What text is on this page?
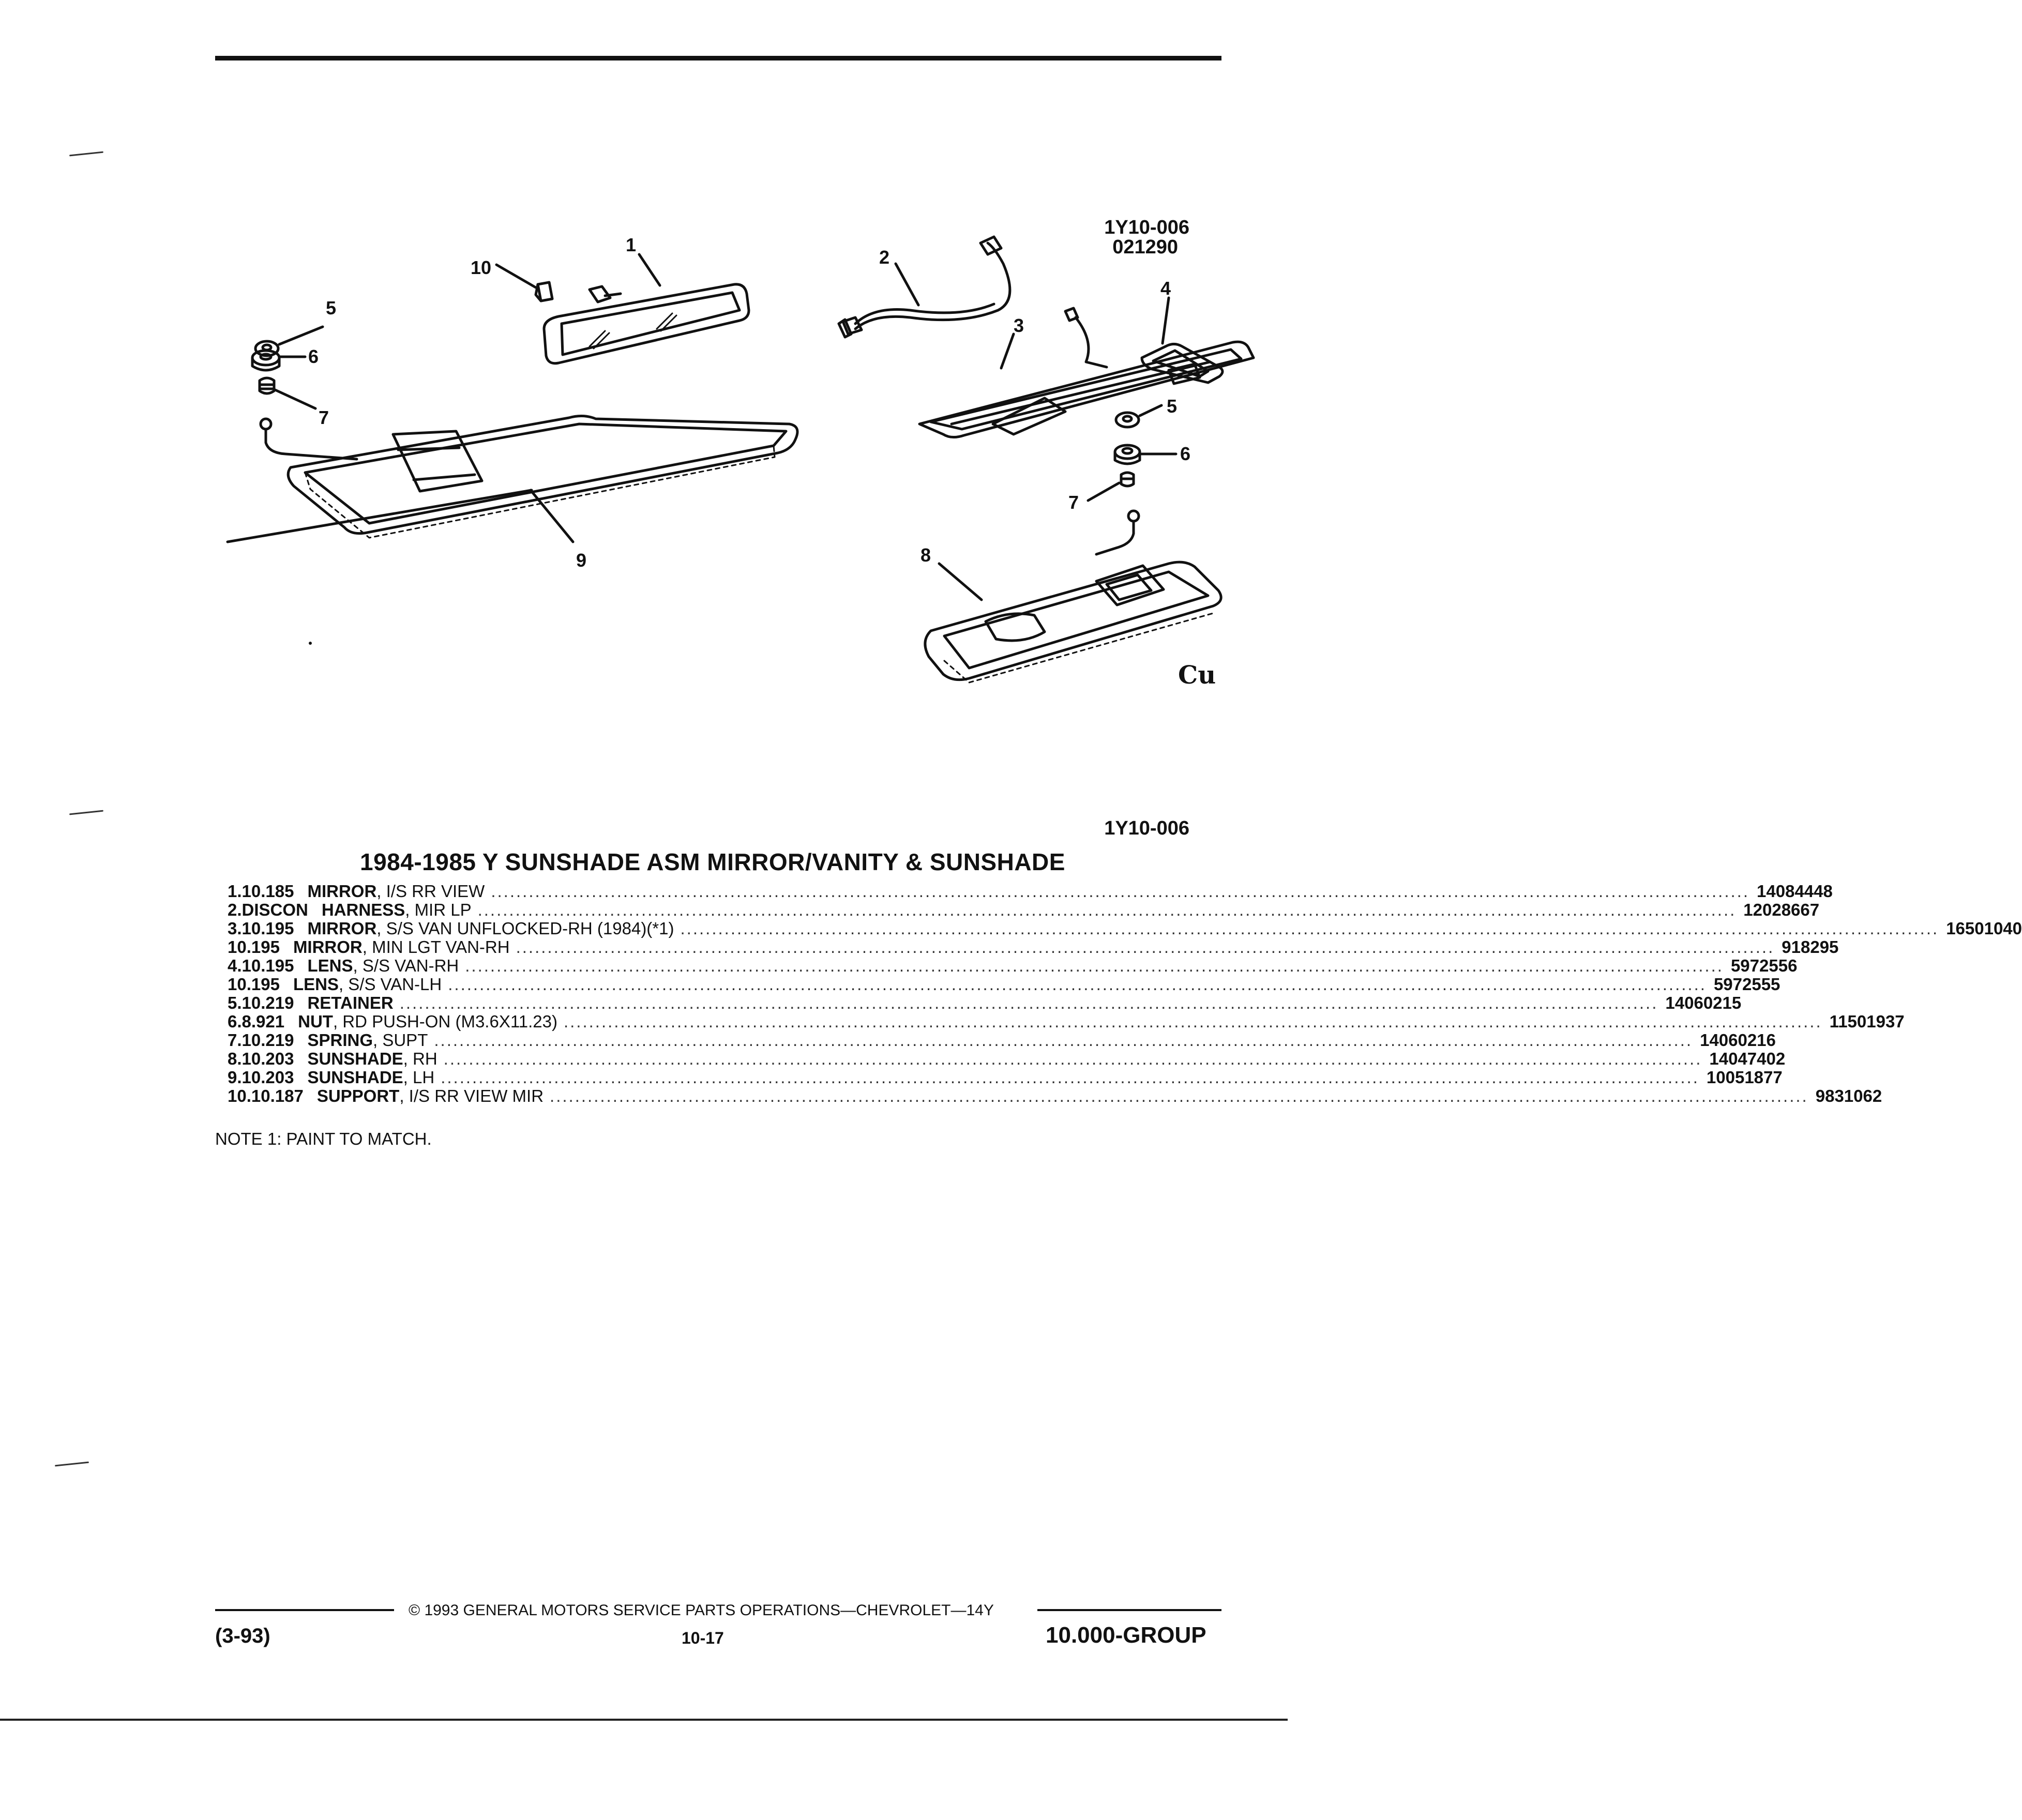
1Y10-006
021290
10
1
5
6
7
9
2
3
4
5
6
7
8
Cu
1Y10-006
1984-1985 Y SUNSHADE ASM MIRROR/VANITY & SUNSHADE
1. 10.185 MIRROR , I/S RR VIEW ........................................................................................................................................................................................................ 14084448
2. DISCON HARNESS , MIR LP ........................................................................................................................................................................................................ 12028667
3. 10.195 MIRROR , S/S VAN UNFLOCKED-RH (1984)(*1) ........................................................................................................................................................................................................ 16501040
10.195 MIRROR , MIN LGT VAN-RH ........................................................................................................................................................................................................ 918295
4. 10.195 LENS , S/S VAN-RH ........................................................................................................................................................................................................ 5972556
10.195 LENS , S/S VAN-LH ........................................................................................................................................................................................................ 5972555
5. 10.219 RETAINER ........................................................................................................................................................................................................ 14060215
6. 8.921 NUT , RD PUSH-ON (M3.6X11.23) ........................................................................................................................................................................................................ 11501937
7. 10.219 SPRING , SUPT ........................................................................................................................................................................................................ 14060216
8. 10.203 SUNSHADE , RH ........................................................................................................................................................................................................ 14047402
9. 10.203 SUNSHADE , LH ........................................................................................................................................................................................................ 10051877
10. 10.187 SUPPORT , I/S RR VIEW MIR ........................................................................................................................................................................................................ 9831062
NOTE 1: PAINT TO MATCH.
© 1993 GENERAL MOTORS SERVICE PARTS OPERATIONS—CHEVROLET—14Y
(3-93)	10-17	10.000-GROUP
